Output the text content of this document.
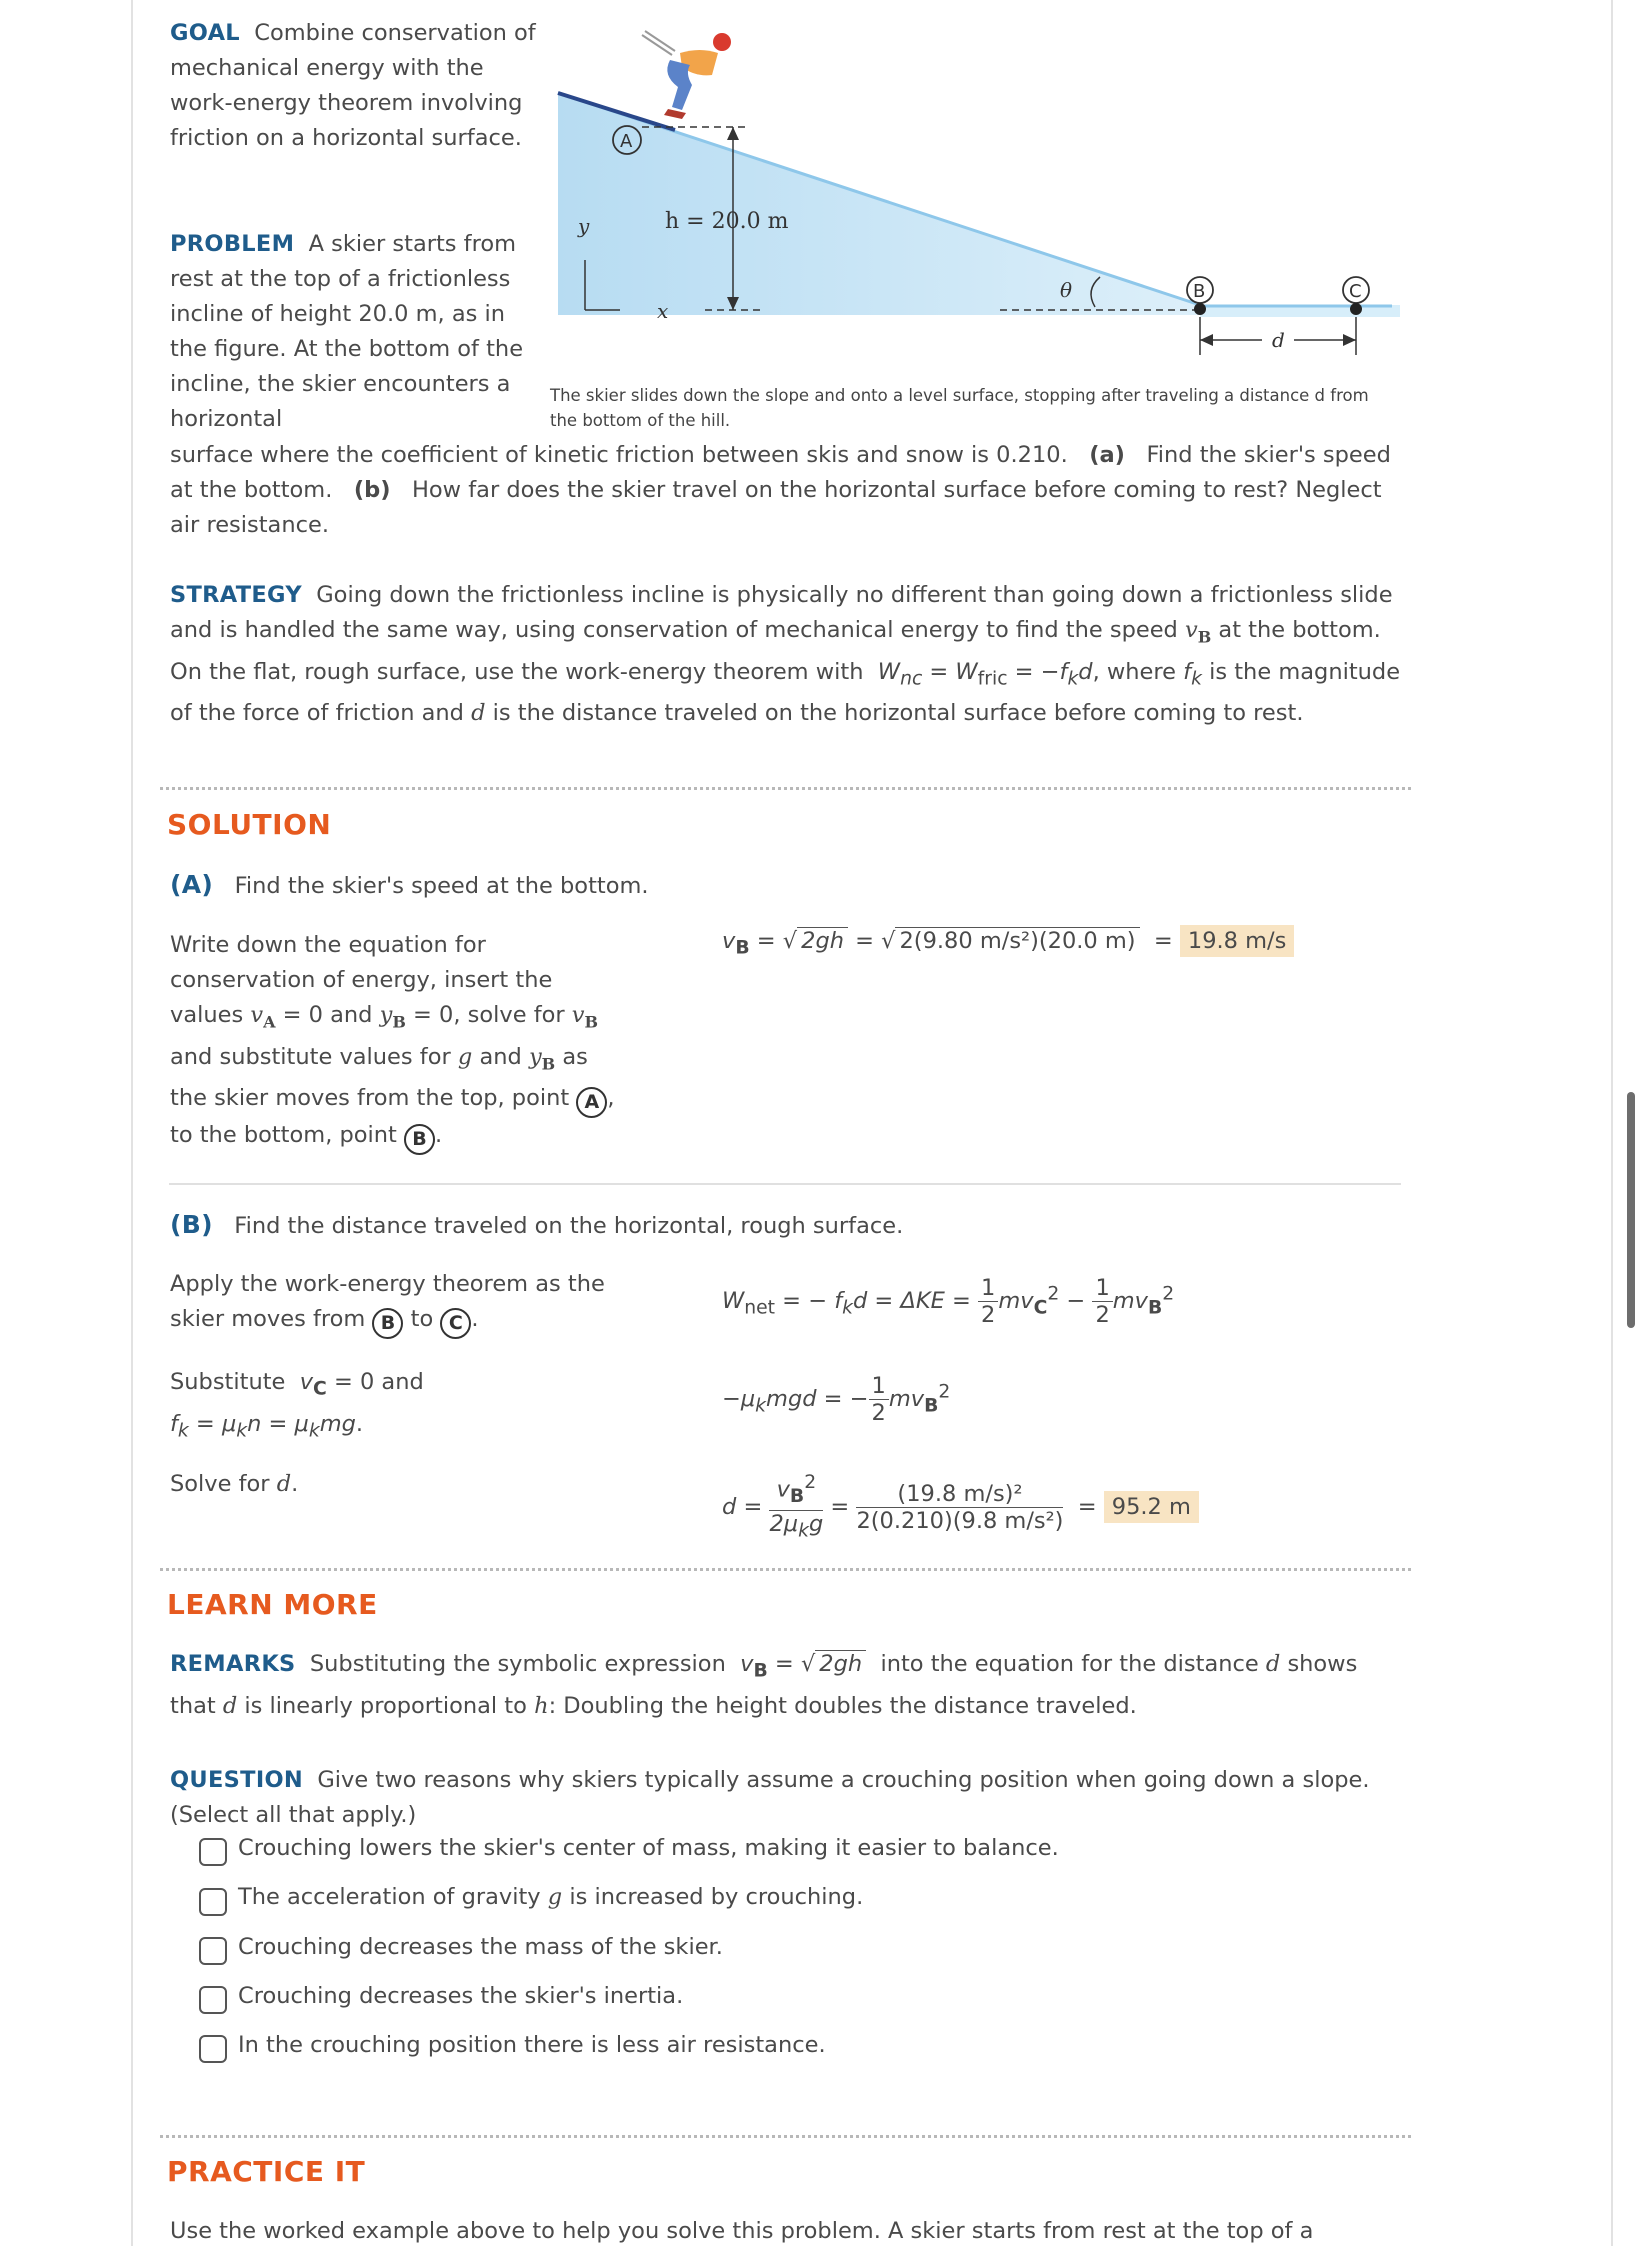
GOAL Combine conservation of mechanical energy with the work-energy theorem involving friction on a horizontal surface.
PROBLEM A skier starts from rest at the top of a frictionless incline of height 20.0 m, as in the figure. At the bottom of the incline, the skier encounters a horizontal
surface where the coefficient of kinetic friction between skis and snow is 0.210. (a) Find the skier's speed at the bottom. (b) How far does the skier travel on the horizontal surface before coming to rest? Neglect air resistance.
y
x
h = 20.0 m
A
θ	B	C
d
The skier slides down the slope and onto a level surface, stopping after traveling a distance d from the bottom of the hill.
STRATEGY Going down the frictionless incline is physically no different than going down a frictionless slide and is handled the same way, using conservation of mechanical energy to find the speed $v_B$ at the bottom. On the flat, rough surface, use the work-energy theorem with  $W_{nc} = W_{fric} = -f_kd$, where $f_k$ is the magnitude of the force of friction and d is the distance traveled on the horizontal surface before coming to rest.
SOLUTION
(A) Find the skier's speed at the bottom.
Write down the equation for
conservation of energy, insert the
values $v_A = 0$ and $y_B = 0$, solve for $v_B$
and substitute values for g and $y_B$ as
the skier moves from the top, point A ,
to the bottom, point B .
$v_B$ = √ 2gh = √ 2(9.80 m/s²)(20.0 m)  = 19.8 m/s
(B) Find the distance traveled on the horizontal, rough surface.
Apply the work-energy theorem as the
skier moves from B to C .
$W_{net}$ = − $f_kd = \Delta KE = \frac{1}{2} mv_C^2 - \frac{1}{2} mv_B^2$
Substitute $v_C = 0$ and
$f_k = \mu_kn = \mu_kmg$.
$-\mu_kmgd$ = − $\frac{1}{2} mv_B^2$
Solve for d.
$d = \frac{v_B^2}{2\mu_kg} = \frac{\text{(19.8 m/s)²}}{\text{2(0.210)(9.8 m/s²)}} = 95.2$ m
LEARN MORE
REMARKS Substituting the symbolic expression $v_B$ = √ 2gh into the equation for the distance d shows that d is linearly proportional to h: Doubling the height doubles the distance traveled.
QUESTION Give two reasons why skiers typically assume a crouching position when going down a slope. (Select all that apply.)
Crouching lowers the skier's center of mass, making it easier to balance.
The acceleration of gravity g is increased by crouching.
Crouching decreases the mass of the skier.
Crouching decreases the skier's inertia.
In the crouching position there is less air resistance.
PRACTICE IT
Use the worked example above to help you solve this problem. A skier starts from rest at the top of a
